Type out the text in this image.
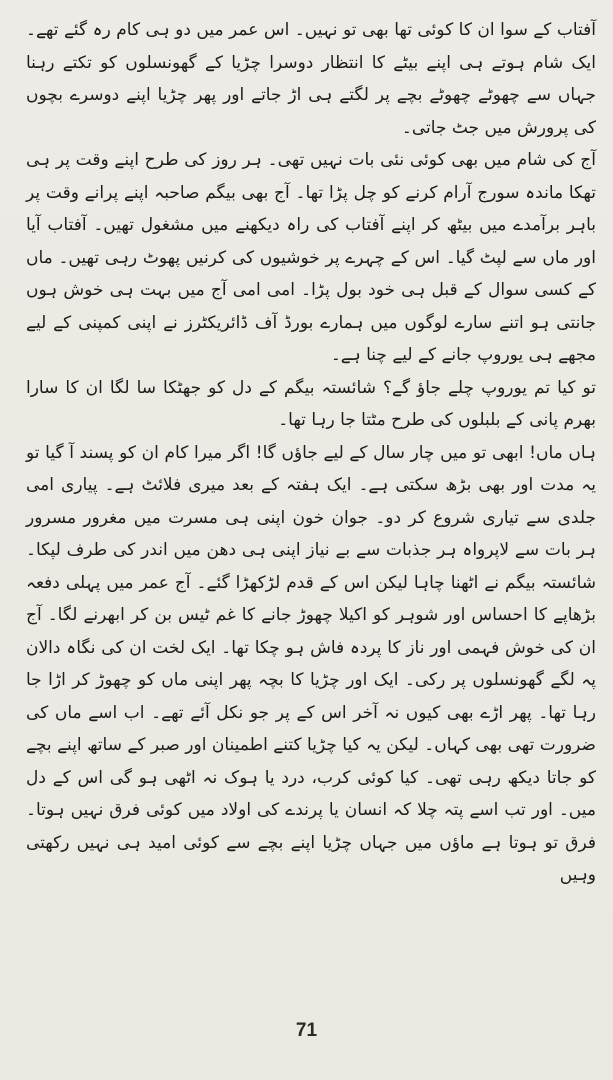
آفتاب کے سوا ان کا کوئی تھا بھی تو نہیں۔ اس عمر میں دو ہی کام رہ گئے تھے۔ ایک شام ہوتے ہی اپنے بیٹے کا انتظار دوسرا چڑیا کے گھونسلوں کو تکتے رہنا جہاں سے چھوٹے چھوٹے بچے پر لگتے ہی اڑ جاتے اور پھر چڑیا اپنے دوسرے بچوں کی پرورش میں جٹ جاتی۔

آج کی شام میں بھی کوئی نئی بات نہیں تھی۔ ہر روز کی طرح اپنے وقت پر ہی تھکا ماندہ سورج آرام کرنے کو چل پڑا تھا۔ آج بھی بیگم صاحبہ اپنے پرانے وقت پر باہر برآمدے میں بیٹھ کر اپنے آفتاب کی راہ دیکھنے میں مشغول تھیں۔ آفتاب آیا اور ماں سے لپٹ گیا۔ اس کے چہرے پر خوشیوں کی کرنیں پھوٹ رہی تھیں۔ ماں کے کسی سوال کے قبل ہی خود بول پڑا۔ امی امی آج میں بہت ہی خوش ہوں جانتی ہو اتنے سارے لوگوں میں ہمارے بورڈ آف ڈائریکٹرز نے اپنی کمپنی کے لیے مجھے ہی یوروپ جانے کے لیے چنا ہے۔

تو کیا تم یوروپ چلے جاؤ گے؟ شائستہ بیگم کے دل کو جھٹکا سا لگا ان کا سارا بھرم پانی کے بلبلوں کی طرح مٹتا جا رہا تھا۔

ہاں ماں! ابھی تو میں چار سال کے لیے جاؤں گا! اگر میرا کام ان کو پسند آ گیا تو یہ مدت اور بھی بڑھ سکتی ہے۔ ایک ہفتہ کے بعد میری فلائٹ ہے۔ پیاری امی جلدی سے تیاری شروع کر دو۔ جوان خون اپنی ہی مسرت میں مغرور مسرور ہر بات سے لاپرواہ ہر جذبات سے بے نیاز اپنی ہی دھن میں اندر کی طرف لپکا۔ شائستہ بیگم نے اٹھنا چاہا لیکن اس کے قدم لڑکھڑا گئے۔ آج عمر میں پہلی دفعہ بڑھاپے کا احساس اور شوہر کو اکیلا چھوڑ جانے کا غم ٹیس بن کر ابھرنے لگا۔ آج ان کی خوش فہمی اور ناز کا پردہ فاش ہو چکا تھا۔ ایک لخت ان کی نگاہ دالان پہ لگے گھونسلوں پر رکی۔ ایک اور چڑیا کا بچہ پھر اپنی ماں کو چھوڑ کر اڑا جا رہا تھا۔ پھر اڑے بھی کیوں نہ آخر اس کے پر جو نکل آئے تھے۔ اب اسے ماں کی ضرورت تھی بھی کہاں۔ لیکن یہ کیا چڑیا کتنے اطمینان اور صبر کے ساتھ اپنے بچے کو جاتا دیکھ رہی تھی۔ کیا کوئی کرب، درد یا ہوک نہ اٹھی ہو گی اس کے دل میں۔ اور تب اسے پتہ چلا کہ انسان یا پرندے کی اولاد میں کوئی فرق نہیں ہوتا۔ فرق تو ہوتا ہے ماؤں میں جہاں چڑیا اپنے بچے سے کوئی امید ہی نہیں رکھتی وہیں

71
